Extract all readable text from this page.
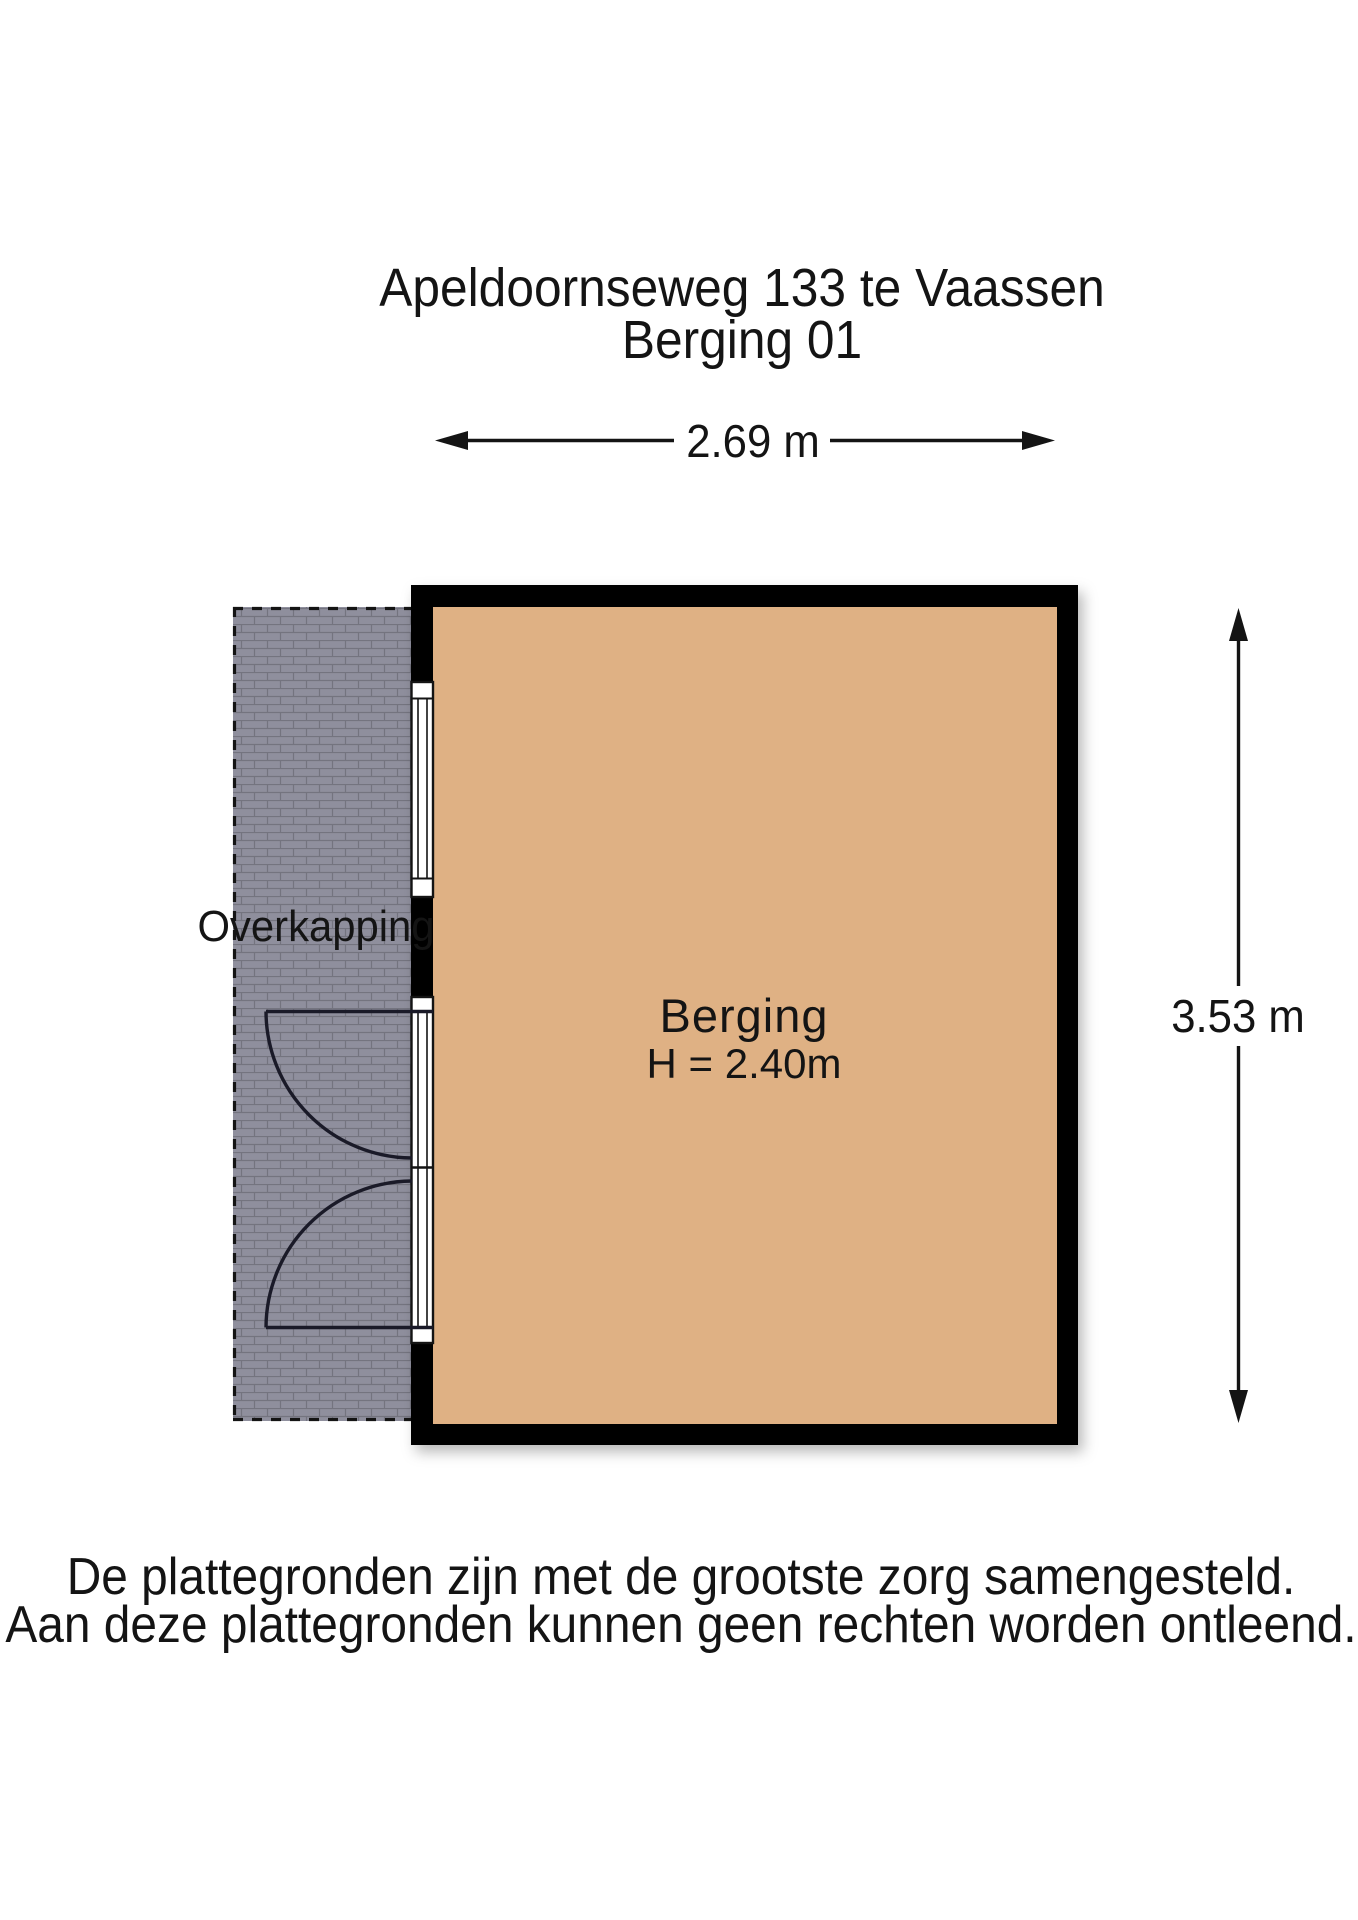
Apeldoornseweg 133 te Vaassen
Berging 01
2.69 m
3.53 m
Overkapping
Berging
H = 2.40m
De plattegronden zijn met de grootste zorg samengesteld.
Aan deze plattegronden kunnen geen rechten worden ontleend.
